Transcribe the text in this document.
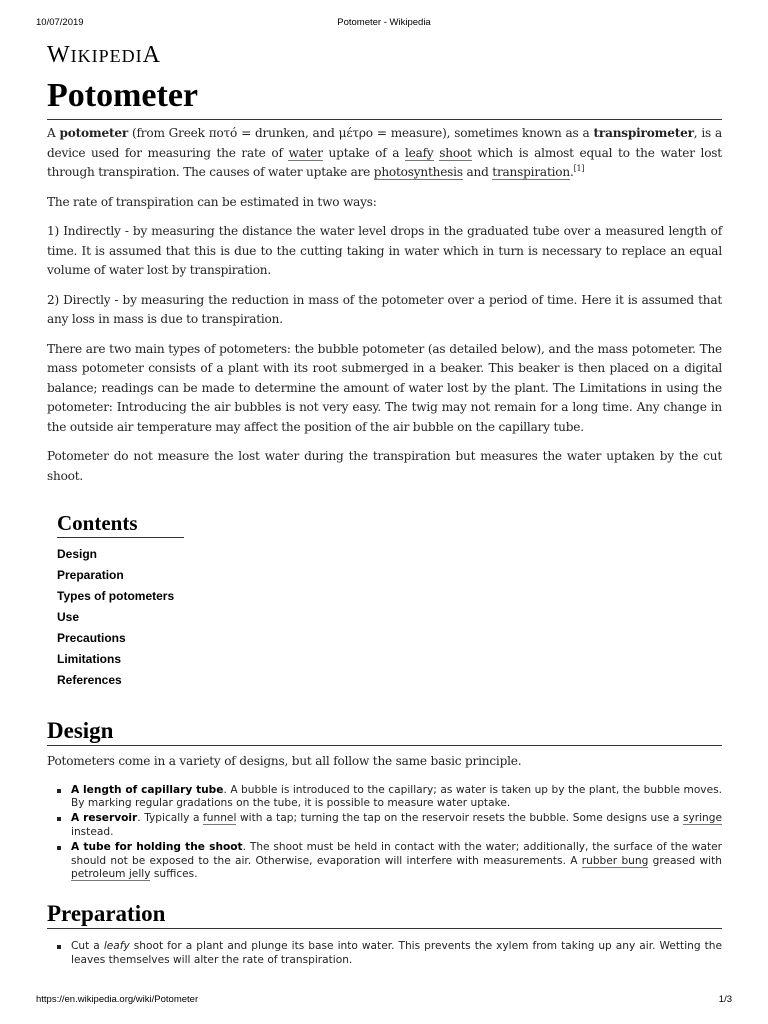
10/07/2019	Potometer - Wikipedia
WIKIPEDIA
Potometer

A potometer (from Greek ποτό = drunken, and μέτρο = measure), sometimes known as a transpirometer, is a device used for measuring the rate of water uptake of a leafy shoot which is almost equal to the water lost through transpiration. The causes of water uptake are photosynthesis and transpiration.[1]

The rate of transpiration can be estimated in two ways:

1) Indirectly - by measuring the distance the water level drops in the graduated tube over a measured length of time. It is assumed that this is due to the cutting taking in water which in turn is necessary to replace an equal volume of water lost by transpiration.

2) Directly - by measuring the reduction in mass of the potometer over a period of time. Here it is assumed that any loss in mass is due to transpiration.

There are two main types of potometers: the bubble potometer (as detailed below), and the mass potometer. The mass potometer consists of a plant with its root submerged in a beaker. This beaker is then placed on a digital balance; readings can be made to determine the amount of water lost by the plant. The Limitations in using the potometer: Introducing the air bubbles is not very easy. The twig may not remain for a long time. Any change in the outside air temperature may affect the position of the air bubble on the capillary tube.

Potometer do not measure the lost water during the transpiration but measures the water uptaken by the cut shoot.

Contents
Design
Preparation
Types of potometers
Use
Precautions
Limitations
References
Design

Potometers come in a variety of designs, but all follow the same basic principle.

A length of capillary tube. A bubble is introduced to the capillary; as water is taken up by the plant, the bubble moves. By marking regular gradations on the tube, it is possible to measure water uptake.
A reservoir. Typically a funnel with a tap; turning the tap on the reservoir resets the bubble. Some designs use a syringe instead.
A tube for holding the shoot. The shoot must be held in contact with the water; additionally, the surface of the water should not be exposed to the air. Otherwise, evaporation will interfere with measurements. A rubber bung greased with petroleum jelly suffices.
Preparation
Cut a leafy shoot for a plant and plunge its base into water. This prevents the xylem from taking up any air. Wetting the leaves themselves will alter the rate of transpiration.
https://en.wikipedia.org/wiki/Potometer	1/3
